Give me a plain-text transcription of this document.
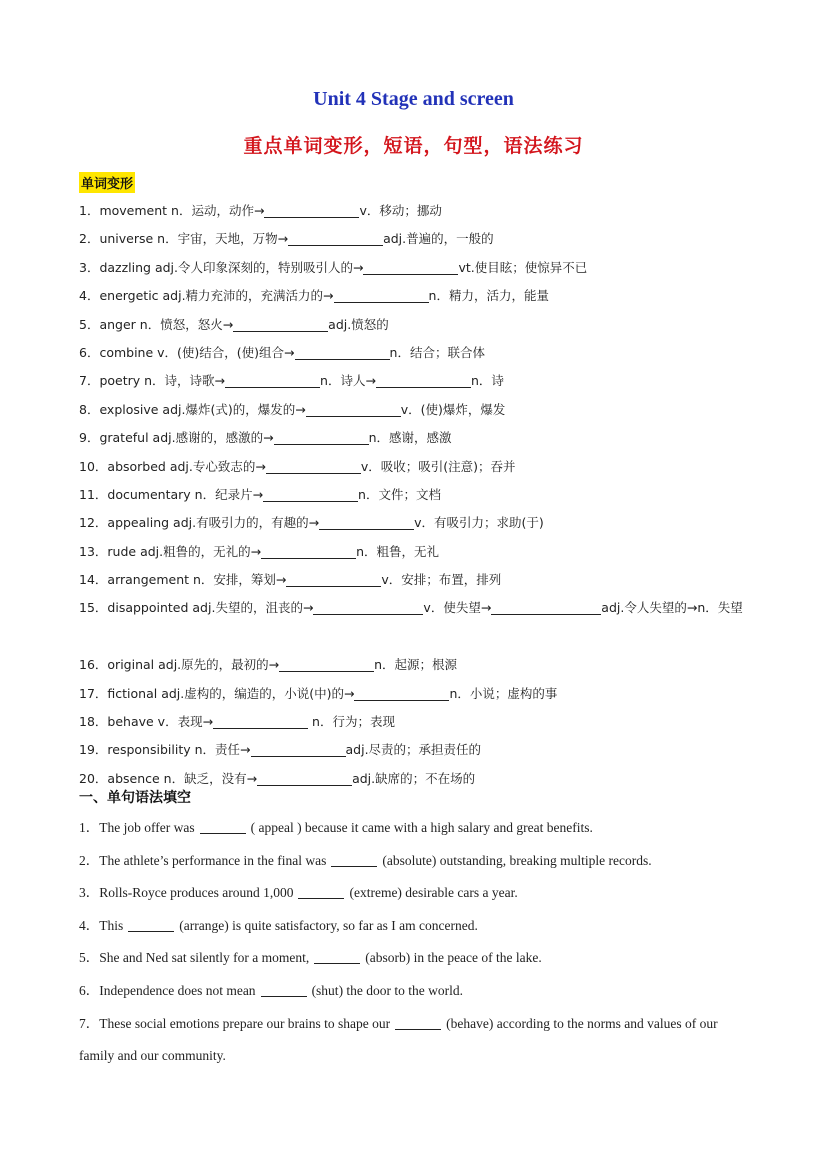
Unit 4 Stage and screen
重点单词变形，短语，句型，语法练习
单词变形
1．movement n．运动，动作→	v．移动；挪动
2．universe n．宇宙，天地，万物→	adj.普遍的，一般的
3．dazzling adj.令人印象深刻的，特别吸引人的→	vt.使目眩；使惊异不已
4．energetic adj.精力充沛的，充满活力的→	n．精力，活力，能量
5．anger n．愤怒，怒火→	adj.愤怒的
6．combine v．(使)结合，(使)组合→	n．结合；联合体
7．poetry n．诗，诗歌→	n．诗人→	n．诗
8．explosive adj.爆炸(式)的，爆发的→	v．(使)爆炸，爆发
9．grateful adj.感谢的，感激的→	n．感谢，感激
10．absorbed adj.专心致志的→	v．吸收；吸引(注意)；吞并
11．documentary n．纪录片→	n．文件；文档
12．appealing adj.有吸引力的，有趣的→	v．有吸引力；求助(于)
13．rude adj.粗鲁的，无礼的→	n．粗鲁，无礼
14．arrangement n．安排，筹划→	v．安排；布置，排列
15．disappointed adj.失望的，沮丧的→	v．使失望→	adj.令人失望的→n．失望
16．original adj.原先的，最初的→	n．起源；根源
17．fictional adj.虚构的，编造的，小说(中)的→	n．小说；虚构的事
18．behave v．表现→	n．行为；表现
19．responsibility n．责任→	adj.尽责的；承担责任的
20．absence n．缺乏，没有→	adj.缺席的；不在场的
一、单句语法填空
1．The job offer was	( appeal ) because it came with a high salary and great benefits.
2．The athlete’s performance in the final was	(absolute) outstanding, breaking multiple records.
3．Rolls-Royce produces around 1,000	(extreme) desirable cars a year.
4．This	(arrange) is quite satisfactory, so far as I am concerned.
5．She and Ned sat silently for a moment,	(absorb) in the peace of the lake.
6．Independence does not mean	(shut) the door to the world.
7．These social emotions prepare our brains to shape our	(behave) according to the norms and values of our family and our community.
